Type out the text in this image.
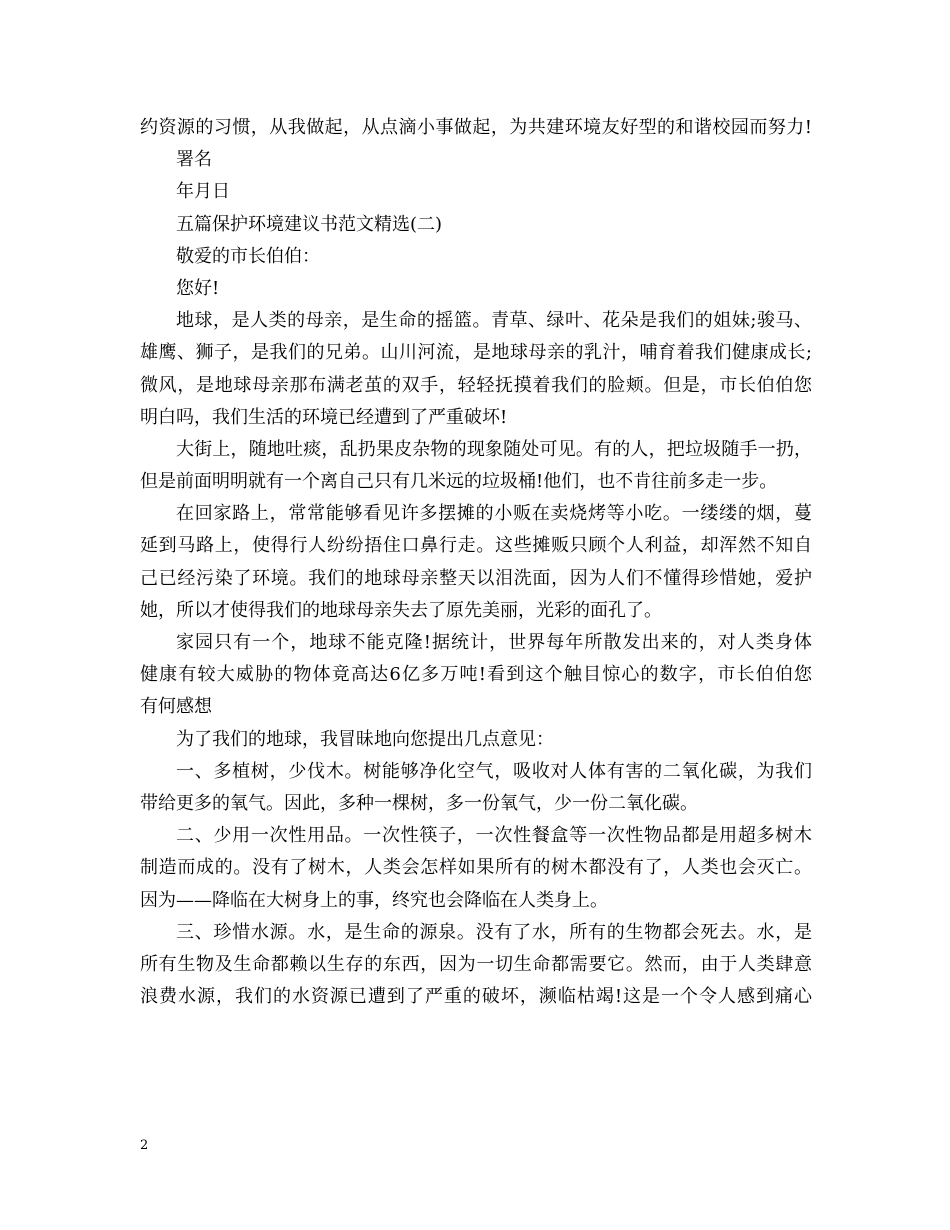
约资源的习惯，从我做起，从点滴小事做起，为共建环境友好型的和谐校园而努力!
署名
年月日
五篇保护环境建议书范文精选(二)
敬爱的市长伯伯：
您好!
地球，是人类的母亲，是生命的摇篮。青草、绿叶、花朵是我们的姐妹;骏马、
雄鹰、狮子，是我们的兄弟。山川河流，是地球母亲的乳汁，哺育着我们健康成长;
微风，是地球母亲那布满老茧的双手，轻轻抚摸着我们的脸颊。但是，市长伯伯您
明白吗，我们生活的环境已经遭到了严重破坏!
大街上，随地吐痰，乱扔果皮杂物的现象随处可见。有的人，把垃圾随手一扔，
但是前面明明就有一个离自己只有几米远的垃圾桶!他们，也不肯往前多走一步。
在回家路上，常常能够看见许多摆摊的小贩在卖烧烤等小吃。一缕缕的烟，蔓
延到马路上，使得行人纷纷捂住口鼻行走。这些摊贩只顾个人利益，却浑然不知自
己已经污染了环境。我们的地球母亲整天以泪洗面，因为人们不懂得珍惜她，爱护
她，所以才使得我们的地球母亲失去了原先美丽，光彩的面孔了。
家园只有一个，地球不能克隆!据统计，世界每年所散发出来的，对人类身体
健康有较大威胁的物体竟高达6亿多万吨!看到这个触目惊心的数字，市长伯伯您
有何感想
为了我们的地球，我冒昧地向您提出几点意见：
一、多植树，少伐木。树能够净化空气，吸收对人体有害的二氧化碳，为我们
带给更多的氧气。因此，多种一棵树，多一份氧气，少一份二氧化碳。
二、少用一次性用品。一次性筷子，一次性餐盒等一次性物品都是用超多树木
制造而成的。没有了树木，人类会怎样如果所有的树木都没有了，人类也会灭亡。
因为——降临在大树身上的事，终究也会降临在人类身上。
三、珍惜水源。水，是生命的源泉。没有了水，所有的生物都会死去。水，是
所有生物及生命都赖以生存的东西，因为一切生命都需要它。然而，由于人类肆意
浪费水源，我们的水资源已遭到了严重的破坏，濒临枯竭!这是一个令人感到痛心
2
